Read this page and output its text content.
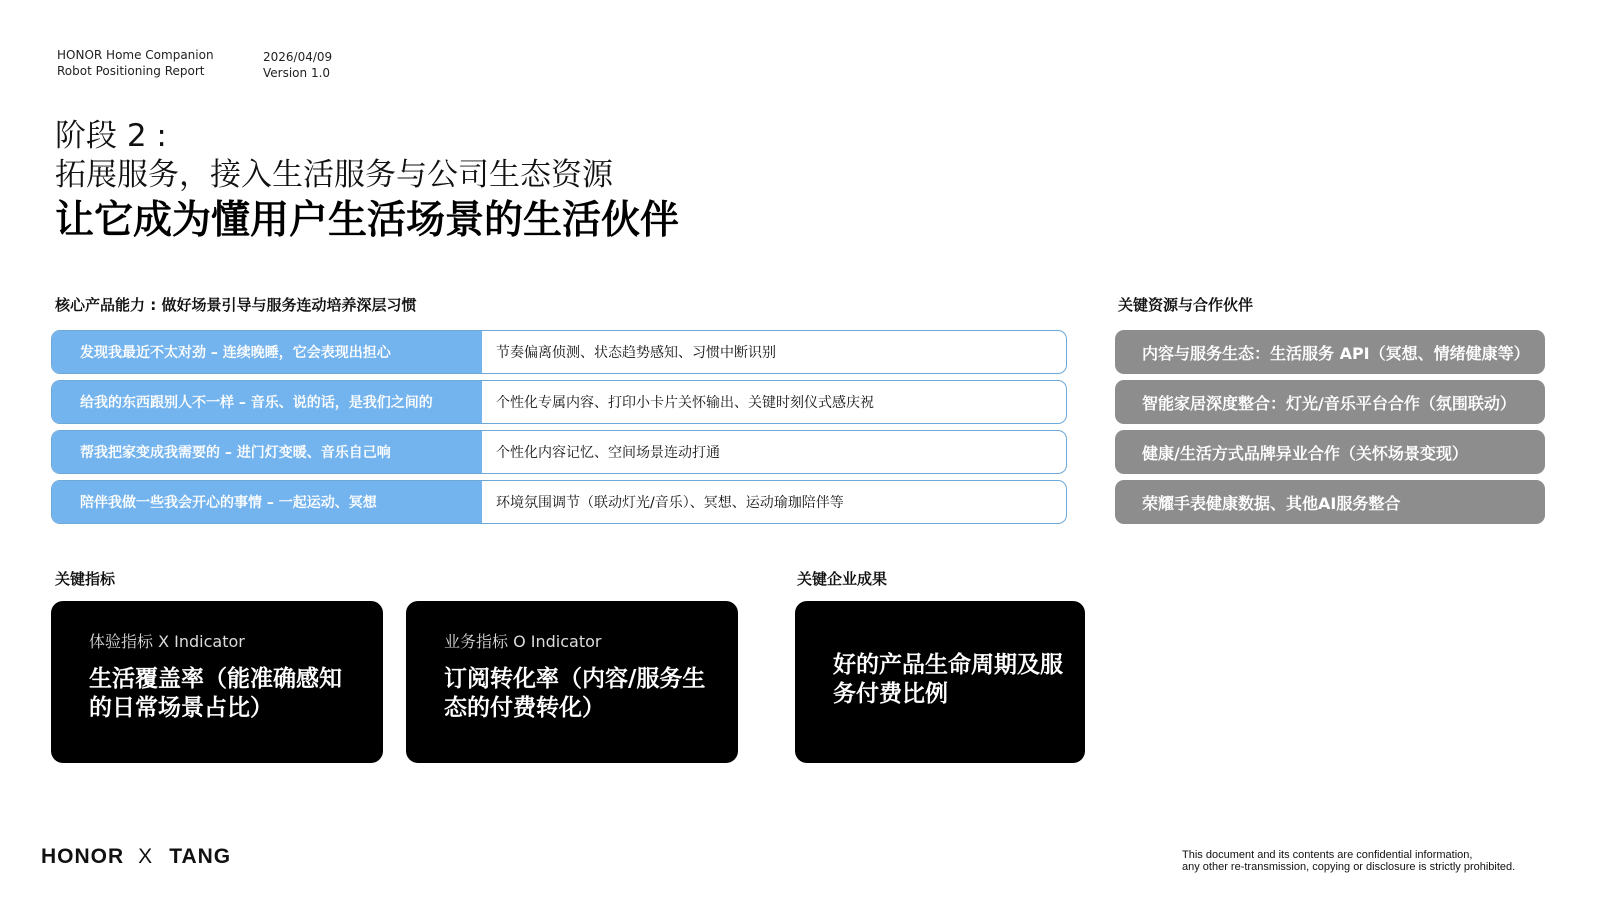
HONOR Home Companion
Robot Positioning Report
2026/04/09
Version 1.0
阶段 2 :
拓展服务，接入生活服务与公司生态资源
让它成为懂用户生活场景的生活伙伴
核心产品能力 : 做好场景引导与服务连动培养深层习惯
发现我最近不太对劲 – 连续晚睡，它会表现出担心	节奏偏离侦测、状态趋势感知、习惯中断识别
给我的东西跟别人不一样 – 音乐、说的话，是我们之间的	个性化专属内容、打印小卡片关怀输出、关键时刻仪式感庆祝
帮我把家变成我需要的 – 进门灯变暖、音乐自己响	个性化内容记忆、空间场景连动打通
陪伴我做一些我会开心的事情 – 一起运动、冥想	环境氛围调节（联动灯光/音乐）、冥想、运动瑜珈陪伴等
关键资源与合作伙伴
内容与服务生态：生活服务 API（冥想、情绪健康等）
智能家居深度整合：灯光/音乐平台合作（氛围联动）
健康/生活方式品牌异业合作（关怀场景变现）
荣耀手表健康数据、其他AI服务整合
关键指标
体验指标 X Indicator
生活覆盖率（能准确感知的日常场景占比）
业务指标 O Indicator
订阅转化率（内容/服务生态的付费转化）
关键企业成果
好的产品生命周期及服务付费比例
HONOR X TANG	This document and its contents are confidential information,
any other re-transmission, copying or disclosure is strictly prohibited.
